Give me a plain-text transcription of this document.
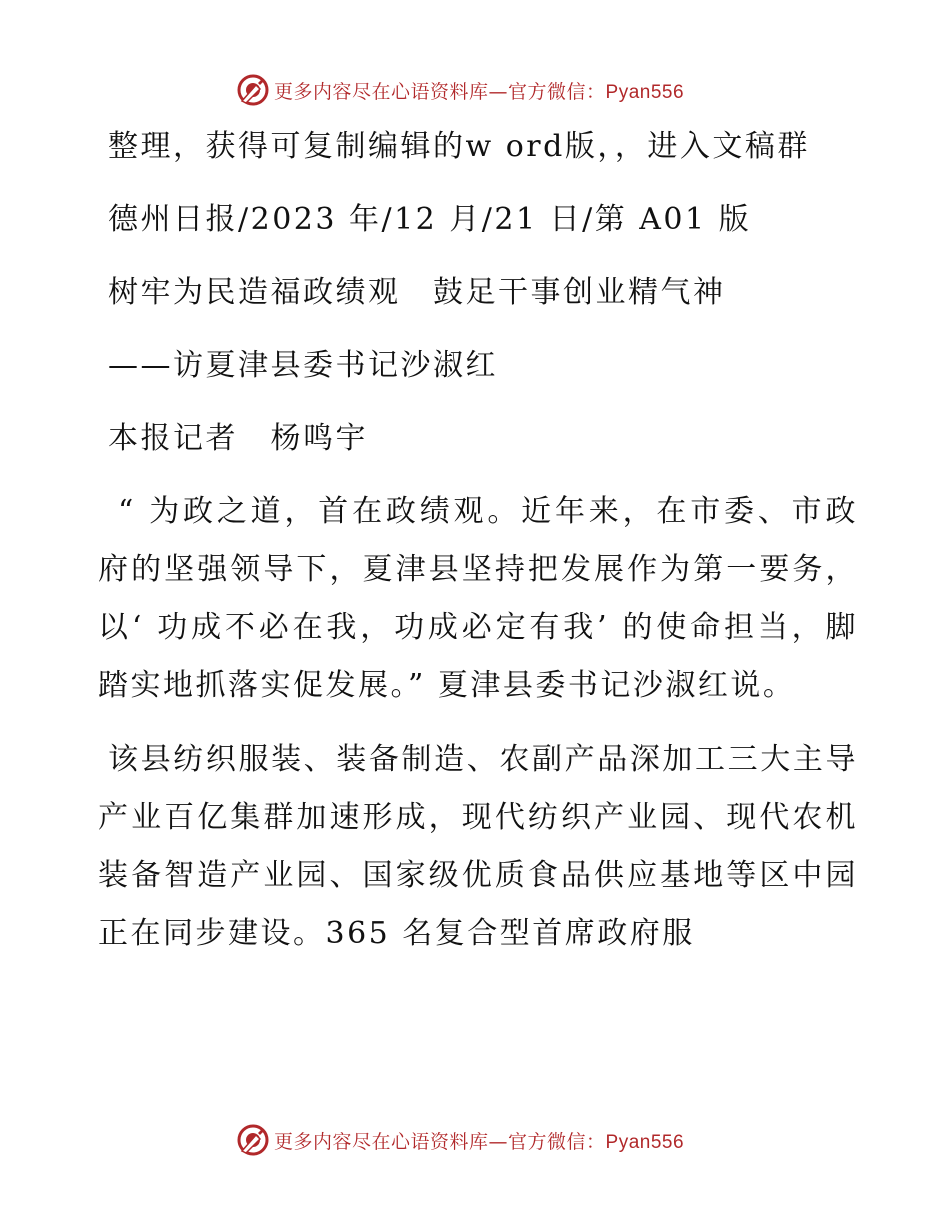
更多内容尽在心语资料库—官方微信：Pyan556

整理，获得可复制编辑的w ord版，，进入文稿群

德州日报/2023 年/12 月/21 日/第 A01 版

树牢为民造福政绩观　鼓足干事创业精气神

——访夏津县委书记沙淑红

本报记者　杨鸣宇

“ 为政之道，首在政绩观。近年来，在市委、市政府的坚强领导下，夏津县坚持把发展作为第一要务，以‘ 功成不必在我，功成必定有我’ 的使命担当，脚踏实地抓落实促发展。” 夏津县委书记沙淑红说。

该县纺织服装、装备制造、农副产品深加工三大主导产业百亿集群加速形成，现代纺织产业园、现代农机装备智造产业园、国家级优质食品供应基地等区中园正在同步建设。365 名复合型首席政府服

更多内容尽在心语资料库—官方微信：Pyan556
